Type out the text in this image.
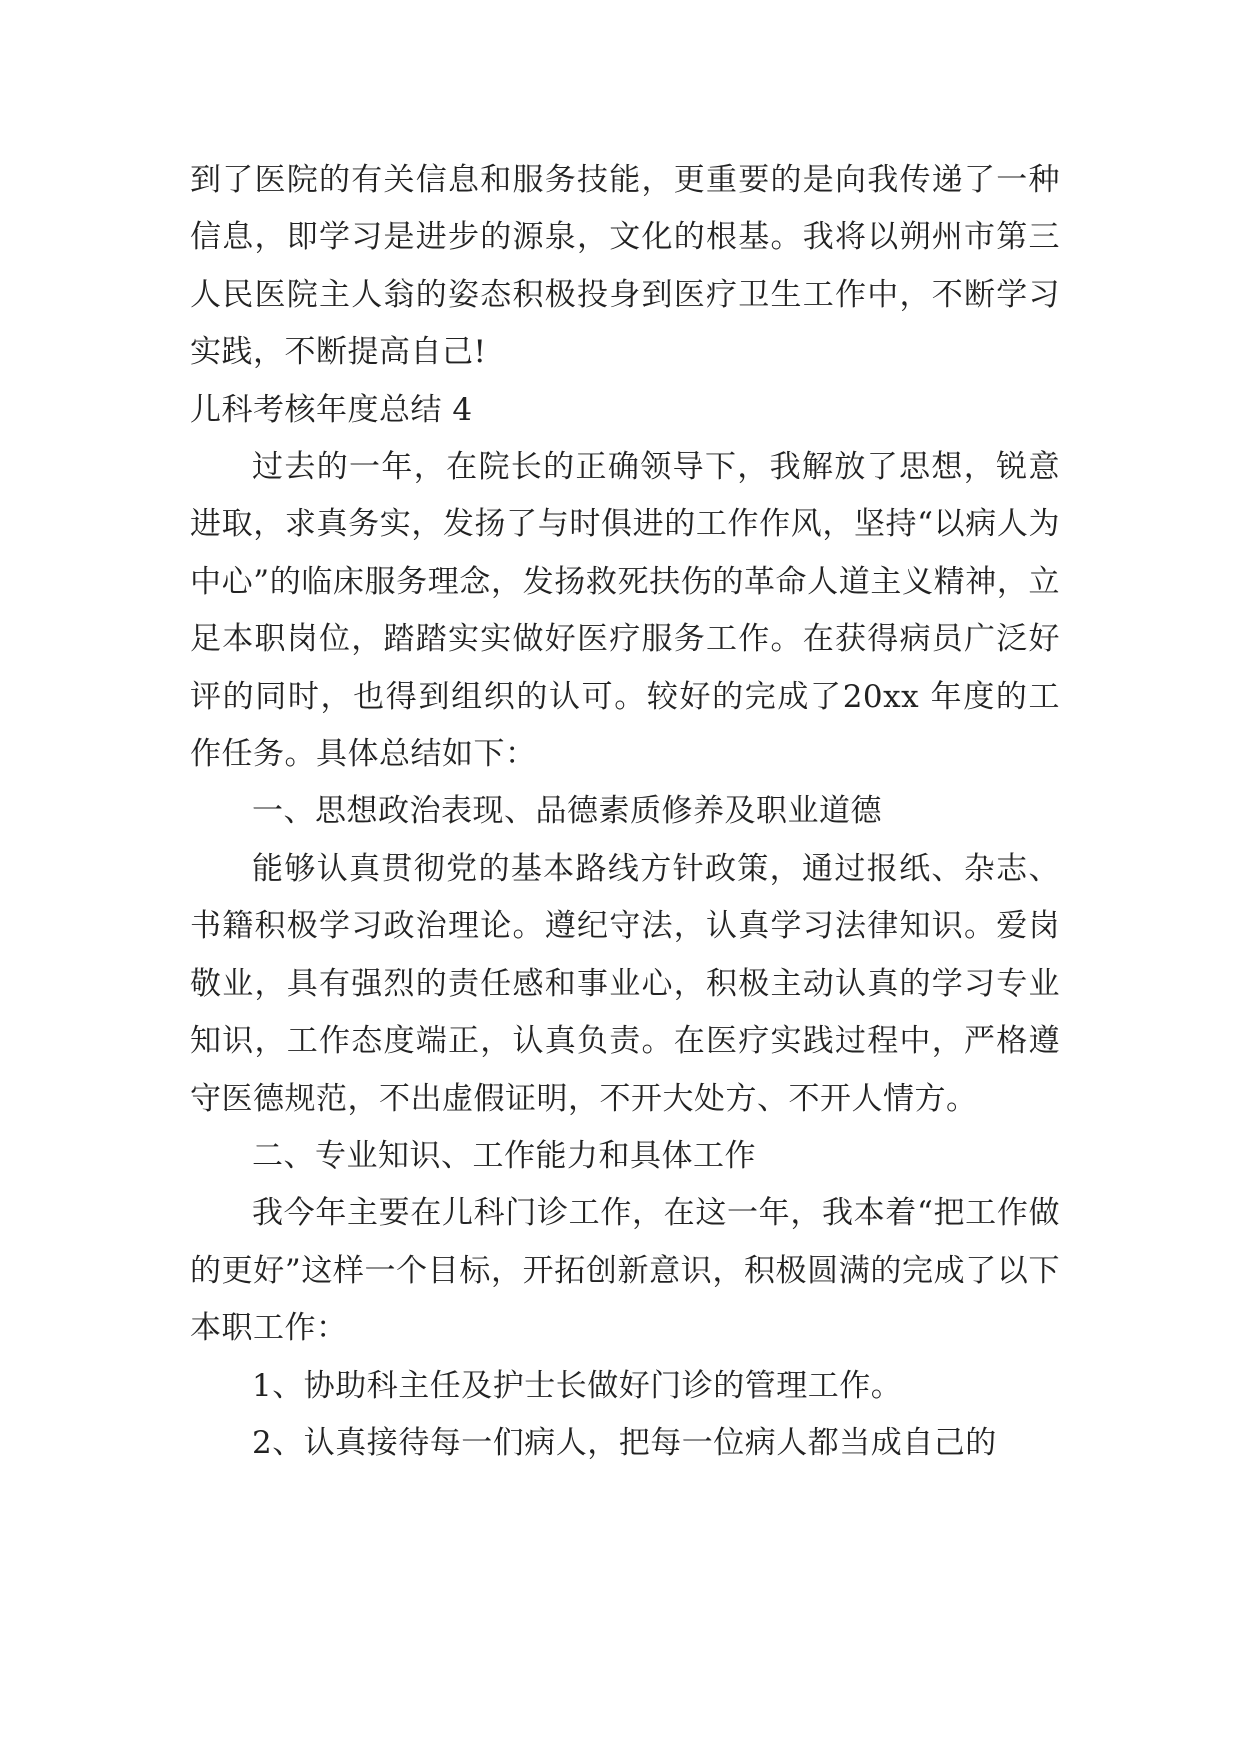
到了医院的有关信息和服务技能，更重要的是向我传递了一种信息，即学习是进步的源泉，文化的根基。我将以朔州市第三人民医院主人翁的姿态积极投身到医疗卫生工作中，不断学习实践，不断提高自己!

儿科考核年度总结 4

过去的一年，在院长的正确领导下，我解放了思想，锐意进取，求真务实，发扬了与时俱进的工作作风，坚持“以病人为中心”的临床服务理念，发扬救死扶伤的革命人道主义精神，立足本职岗位，踏踏实实做好医疗服务工作。在获得病员广泛好评的同时，也得到组织的认可。较好的完成了20xx 年度的工作任务。具体总结如下：

一、思想政治表现、品德素质修养及职业道德

能够认真贯彻党的基本路线方针政策，通过报纸、杂志、书籍积极学习政治理论。遵纪守法，认真学习法律知识。爱岗敬业，具有强烈的责任感和事业心，积极主动认真的学习专业知识，工作态度端正，认真负责。在医疗实践过程中，严格遵守医德规范，不出虚假证明，不开大处方、不开人情方。

二、专业知识、工作能力和具体工作

我今年主要在儿科门诊工作，在这一年，我本着“把工作做的更好”这样一个目标，开拓创新意识，积极圆满的完成了以下本职工作：

1、协助科主任及护士长做好门诊的管理工作。

2、认真接待每一们病人，把每一位病人都当成自己的
